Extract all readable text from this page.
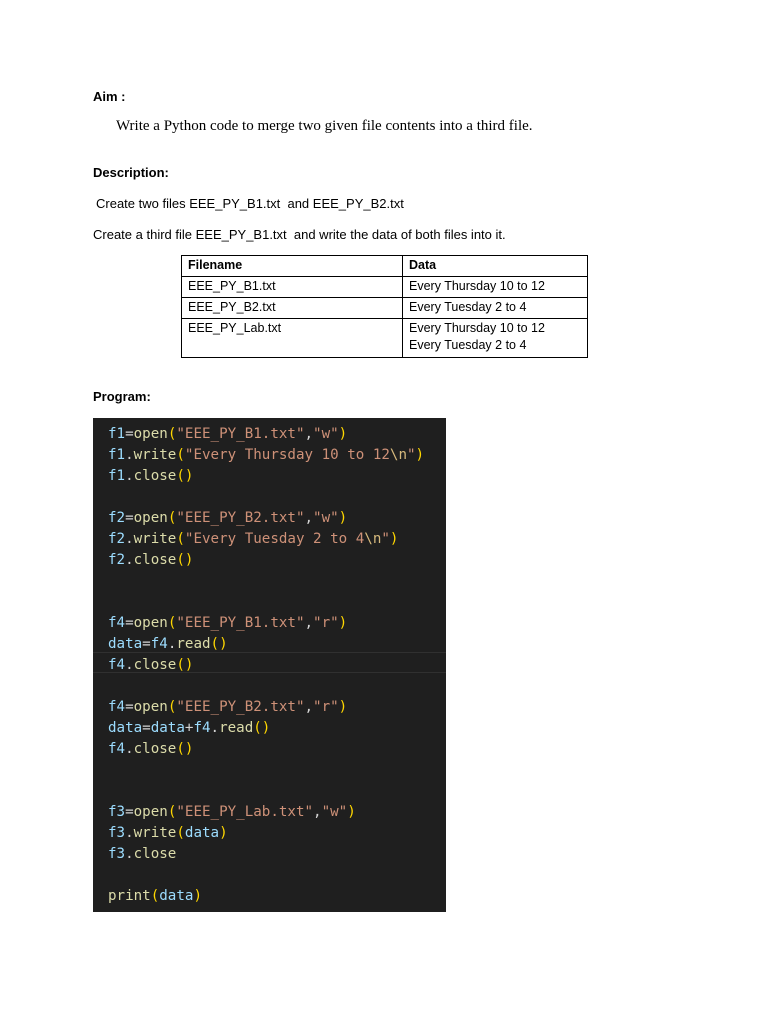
Aim :
Write a Python code to merge two given file contents into a third file.
Description:
Create two files EEE_PY_B1.txt  and EEE_PY_B2.txt
Create a third file EEE_PY_B1.txt  and write the data of both files into it.
Filename	Data
EEE_PY_B1.txt	Every Thursday 10 to 12
EEE_PY_B2.txt	Every Tuesday 2 to 4
EEE_PY_Lab.txt	Every Thursday 10 to 12
Every Tuesday 2 to 4
Program:
f1=open("EEE_PY_B1.txt","w")
f1.write("Every Thursday 10 to 12\n")
f1.close()
f2=open("EEE_PY_B2.txt","w")
f2.write("Every Tuesday 2 to 4\n")
f2.close()
f4=open("EEE_PY_B1.txt","r")
data=f4.read()
f4.close()
f4=open("EEE_PY_B2.txt","r")
data=data+f4.read()
f4.close()
f3=open("EEE_PY_Lab.txt","w")
f3.write(data)
f3.close
print(data)
